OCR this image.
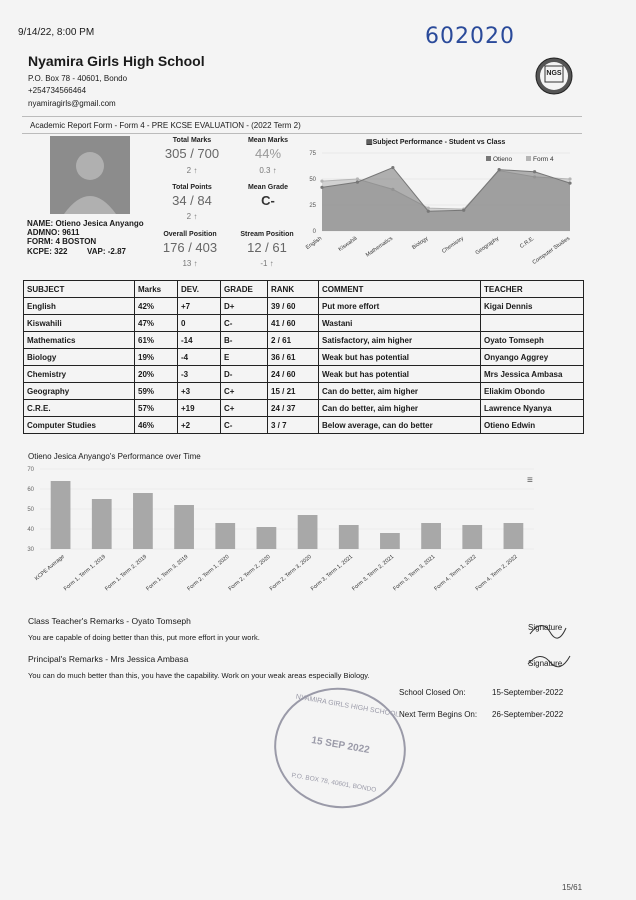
9/14/22, 8:00 PM	602020
Nyamira Girls High School
P.O. Box 78 - 40601, Bondo
+254734566464
nyamiragirls@gmail.com
NGS
Academic Report Form - Form 4 - PRE KCSE EVALUATION - (2022 Term 2)
NAME: Otieno Jesica Anyango
ADMNO: 9611
FORM: 4 BOSTON
KCPE: 322 VAP: -2.87
Total Marks
305 / 700
2 ↑
Mean Marks
44%
0.3 ↑
Total Points
34 / 84
2 ↑
Mean Grade
C-
Overall Position
176 / 403
13 ↑
Stream Position
12 / 61
-1 ↑
▥Subject Performance - Student vs Class
0
25
50
75
English	Kiswahili Mathematics	Biology Chemistry Geography	C.R.E.
Computer Studies
Otieno	Form 4
SUBJECT	Marks	DEV.	GRADE	RANK	COMMENT	TEACHER
English	42%	+7	D+	39 / 60	Put more effort	Kigai Dennis
Kiswahili	47%	0	C-	41 / 60	Wastani	
Mathematics	61%	-14	B-	2 / 61	Satisfactory, aim higher	Oyato Tomseph
Biology	19%	-4	E	36 / 61	Weak but has potential	Onyango Aggrey
Chemistry	20%	-3	D-	24 / 60	Weak but has potential	Mrs Jessica Ambasa
Geography	59%	+3	C+	15 / 21	Can do better, aim higher	Eliakim Obondo
C.R.E.	57%	+19	C+	24 / 37	Can do better, aim higher	Lawrence Nyanya
Computer Studies	46%	+2	C-	3 / 7	Below average, can do better	Otieno Edwin
Otieno Jesica Anyango's Performance over Time
≡
30
40
50
60
70
KCPE Average
Form 1, Term 1, 2019
Form 1, Term 2, 2019
Form 1, Term 3, 2019
Form 2, Term 1, 2020
Form 2, Term 2, 2020
Form 2, Term 3, 2020
Form 3, Term 1, 2021
Form 3, Term 2, 2021
Form 3, Term 3, 2021
Form 4, Term 1, 2022
Form 4, Term 2, 2022
Class Teacher's Remarks - Oyato Tomseph
You are capable of doing better than this, put more effort in your work.
Principal's Remarks - Mrs Jessica Ambasa
You can do much better than this, you have the capability. Work on your weak areas especially Biology.
Signature
Signature
School Closed On:	15-September-2022
Next Term Begins On: 26-September-2022
NYAMIRA GIRLS HIGH SCHOOL
15 SEP 2022
P.O. BOX 78, 40601, BONDO
15/61
